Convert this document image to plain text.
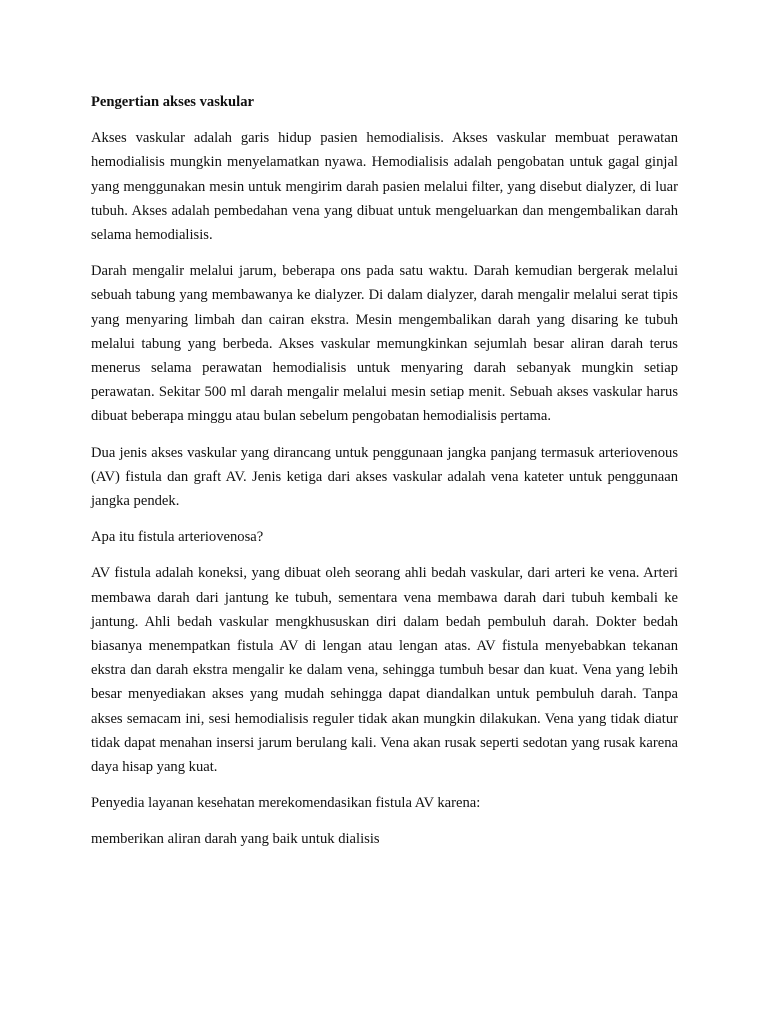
Pengertian akses vaskular

Akses vaskular adalah garis hidup pasien hemodialisis. Akses vaskular membuat perawatan hemodialisis mungkin menyelamatkan nyawa. Hemodialisis adalah pengobatan untuk gagal ginjal yang menggunakan mesin untuk mengirim darah pasien melalui filter, yang disebut dialyzer, di luar tubuh. Akses adalah pembedahan vena yang dibuat untuk mengeluarkan dan mengembalikan darah selama hemodialisis.

Darah mengalir melalui jarum, beberapa ons pada satu waktu. Darah kemudian bergerak melalui sebuah tabung yang membawanya ke dialyzer. Di dalam dialyzer, darah mengalir melalui serat tipis yang menyaring limbah dan cairan ekstra. Mesin mengembalikan darah yang disaring ke tubuh melalui tabung yang berbeda. Akses vaskular memungkinkan sejumlah besar aliran darah terus menerus selama perawatan hemodialisis untuk menyaring darah sebanyak mungkin setiap perawatan. Sekitar 500 ml darah mengalir melalui mesin setiap menit. Sebuah akses vaskular harus dibuat beberapa minggu atau bulan sebelum pengobatan hemodialisis pertama.

Dua jenis akses vaskular yang dirancang untuk penggunaan jangka panjang termasuk arteriovenous (AV) fistula dan graft AV. Jenis ketiga dari akses vaskular adalah vena kateter untuk penggunaan jangka pendek.

Apa itu fistula arteriovenosa?

AV fistula adalah koneksi, yang dibuat oleh seorang ahli bedah vaskular, dari arteri ke vena. Arteri membawa darah dari jantung ke tubuh, sementara vena membawa darah dari tubuh kembali ke jantung. Ahli bedah vaskular mengkhususkan diri dalam bedah pembuluh darah. Dokter bedah biasanya menempatkan fistula AV di lengan atau lengan atas. AV fistula menyebabkan tekanan ekstra dan darah ekstra mengalir ke dalam vena, sehingga tumbuh besar dan kuat. Vena yang lebih besar menyediakan akses yang mudah sehingga dapat diandalkan untuk pembuluh darah. Tanpa akses semacam ini, sesi hemodialisis reguler tidak akan mungkin dilakukan. Vena yang tidak diatur tidak dapat menahan insersi jarum berulang kali. Vena akan rusak seperti sedotan yang rusak karena daya hisap yang kuat.

Penyedia layanan kesehatan merekomendasikan fistula AV karena:

memberikan aliran darah yang baik untuk dialisis
